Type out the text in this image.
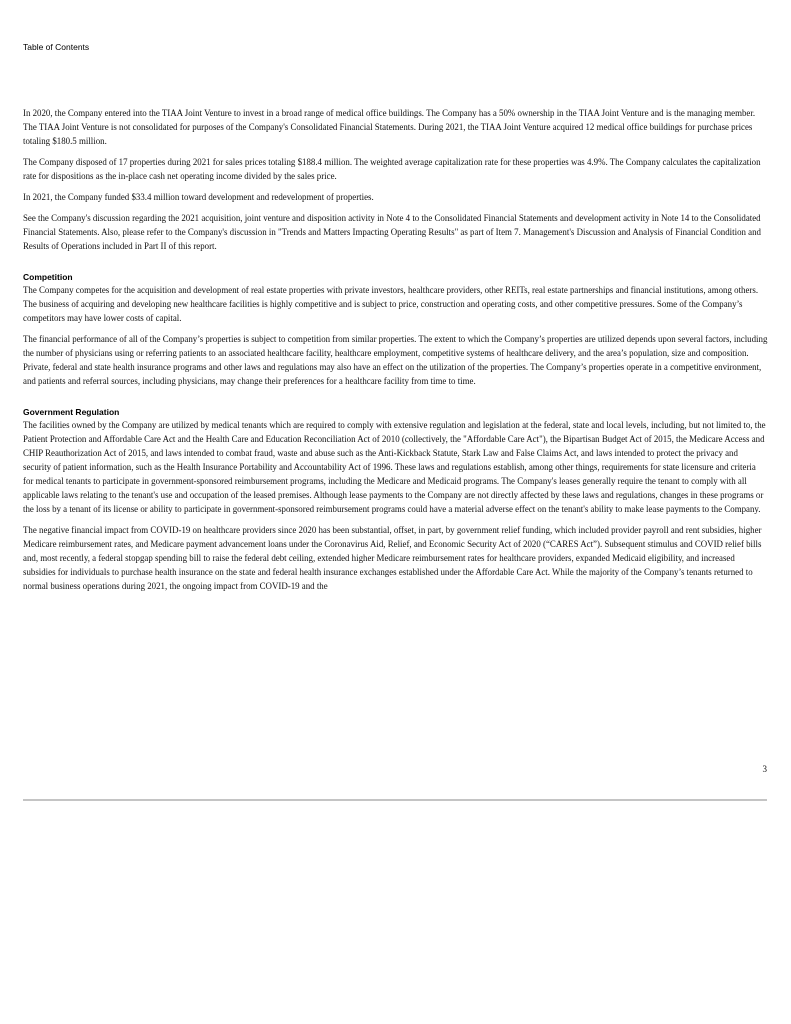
Table of Contents

In 2020, the Company entered into the TIAA Joint Venture to invest in a broad range of medical office buildings. The Company has a 50% ownership in the TIAA Joint Venture and is the managing member. The TIAA Joint Venture is not consolidated for purposes of the Company's Consolidated Financial Statements. During 2021, the TIAA Joint Venture acquired 12 medical office buildings for purchase prices totaling $180.5 million.

The Company disposed of 17 properties during 2021 for sales prices totaling $188.4 million. The weighted average capitalization rate for these properties was 4.9%. The Company calculates the capitalization rate for dispositions as the in-place cash net operating income divided by the sales price.

In 2021, the Company funded $33.4 million toward development and redevelopment of properties.

See the Company's discussion regarding the 2021 acquisition, joint venture and disposition activity in Note 4 to the Consolidated Financial Statements and development activity in Note 14 to the Consolidated Financial Statements. Also, please refer to the Company's discussion in "Trends and Matters Impacting Operating Results" as part of Item 7. Management's Discussion and Analysis of Financial Condition and Results of Operations included in Part II of this report.

Competition

The Company competes for the acquisition and development of real estate properties with private investors, healthcare providers, other REITs, real estate partnerships and financial institutions, among others. The business of acquiring and developing new healthcare facilities is highly competitive and is subject to price, construction and operating costs, and other competitive pressures. Some of the Company’s competitors may have lower costs of capital.

The financial performance of all of the Company’s properties is subject to competition from similar properties. The extent to which the Company’s properties are utilized depends upon several factors, including the number of physicians using or referring patients to an associated healthcare facility, healthcare employment, competitive systems of healthcare delivery, and the area’s population, size and composition. Private, federal and state health insurance programs and other laws and regulations may also have an effect on the utilization of the properties. The Company’s properties operate in a competitive environment, and patients and referral sources, including physicians, may change their preferences for a healthcare facility from time to time.

Government Regulation

The facilities owned by the Company are utilized by medical tenants which are required to comply with extensive regulation and legislation at the federal, state and local levels, including, but not limited to, the Patient Protection and Affordable Care Act and the Health Care and Education Reconciliation Act of 2010 (collectively, the "Affordable Care Act"), the Bipartisan Budget Act of 2015, the Medicare Access and CHIP Reauthorization Act of 2015, and laws intended to combat fraud, waste and abuse such as the Anti-Kickback Statute, Stark Law and False Claims Act, and laws intended to protect the privacy and security of patient information, such as the Health Insurance Portability and Accountability Act of 1996. These laws and regulations establish, among other things, requirements for state licensure and criteria for medical tenants to participate in government-sponsored reimbursement programs, including the Medicare and Medicaid programs. The Company's leases generally require the tenant to comply with all applicable laws relating to the tenant's use and occupation of the leased premises. Although lease payments to the Company are not directly affected by these laws and regulations, changes in these programs or the loss by a tenant of its license or ability to participate in government-sponsored reimbursement programs could have a material adverse effect on the tenant's ability to make lease payments to the Company.

The negative financial impact from COVID-19 on healthcare providers since 2020 has been substantial, offset, in part, by government relief funding, which included provider payroll and rent subsidies, higher Medicare reimbursement rates, and Medicare payment advancement loans under the Coronavirus Aid, Relief, and Economic Security Act of 2020 (“CARES Act”). Subsequent stimulus and COVID relief bills and, most recently, a federal stopgap spending bill to raise the federal debt ceiling, extended higher Medicare reimbursement rates for healthcare providers, expanded Medicaid eligibility, and increased subsidies for individuals to purchase health insurance on the state and federal health insurance exchanges established under the Affordable Care Act. While the majority of the Company’s tenants returned to normal business operations during 2021, the ongoing impact from COVID-19 and the

3
